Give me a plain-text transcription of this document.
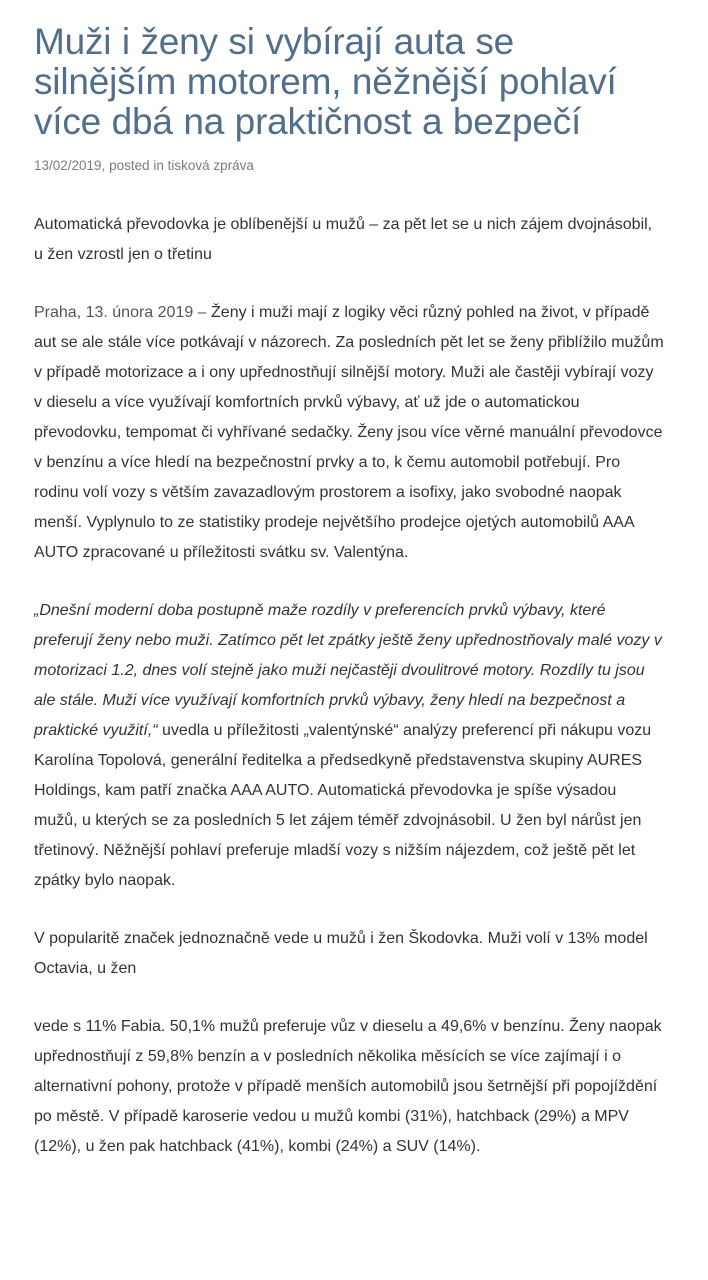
Muži i ženy si vybírají auta se silnějším motorem, něžnější pohlaví více dbá na praktičnost a bezpečí
13/02/2019, posted in tisková zpráva

Automatická převodovka je oblíbenější u mužů – za pět let se u nich zájem dvojnásobil, u žen vzrostl jen o třetinu

Praha, 13. února 2019 – Ženy i muži mají z logiky věci různý pohled na život, v případě aut se ale stále více potkávají v názorech. Za posledních pět let se ženy přiblížilo mužům v případě motorizace a i ony upřednostňují silnější motory. Muži ale častěji vybírají vozy v dieselu a více využívají komfortních prvků výbavy, ať už jde o automatickou převodovku, tempomat či vyhřívané sedačky. Ženy jsou více věrné manuální převodovce v benzínu a více hledí na bezpečnostní prvky a to, k čemu automobil potřebují. Pro rodinu volí vozy s větším zavazadlovým prostorem a isofixy, jako svobodné naopak menší. Vyplynulo to ze statistiky prodeje největšího prodejce ojetých automobilů AAA AUTO zpracované u příležitosti svátku sv. Valentýna.

„Dnešní moderní doba postupně maže rozdíly v preferencích prvků výbavy, které preferují ženy nebo muži. Zatímco pět let zpátky ještě ženy upřednostňovaly malé vozy v motorizaci 1.2, dnes volí stejně jako muži nejčastěji dvoulitrové motory. Rozdíly tu jsou ale stále. Muži více využívají komfortních prvků výbavy, ženy hledí na bezpečnost a praktické využití,“ uvedla u příležitosti „valentýnské“ analýzy preferencí při nákupu vozu Karolína Topolová, generální ředitelka a předsedkyně představenstva skupiny AURES Holdings, kam patří značka AAA AUTO. Automatická převodovka je spíše výsadou mužů, u kterých se za posledních 5 let zájem téměř zdvojnásobil. U žen byl nárůst jen třetinový. Něžnější pohlaví preferuje mladší vozy s nižším nájezdem, což ještě pět let zpátky bylo naopak.

V popularitě značek jednoznačně vede u mužů i žen Škodovka. Muži volí v 13% model Octavia, u žen

vede s 11% Fabia. 50,1% mužů preferuje vůz v dieselu a 49,6% v benzínu. Ženy naopak upřednostňují z 59,8% benzín a v posledních několika měsících se více zajímají i o alternativní pohony, protože v případě menších automobilů jsou šetrnější při popojíždění po městě. V případě karoserie vedou u mužů kombi (31%), hatchback (29%) a MPV (12%), u žen pak hatchback (41%), kombi (24%) a SUV (14%).
